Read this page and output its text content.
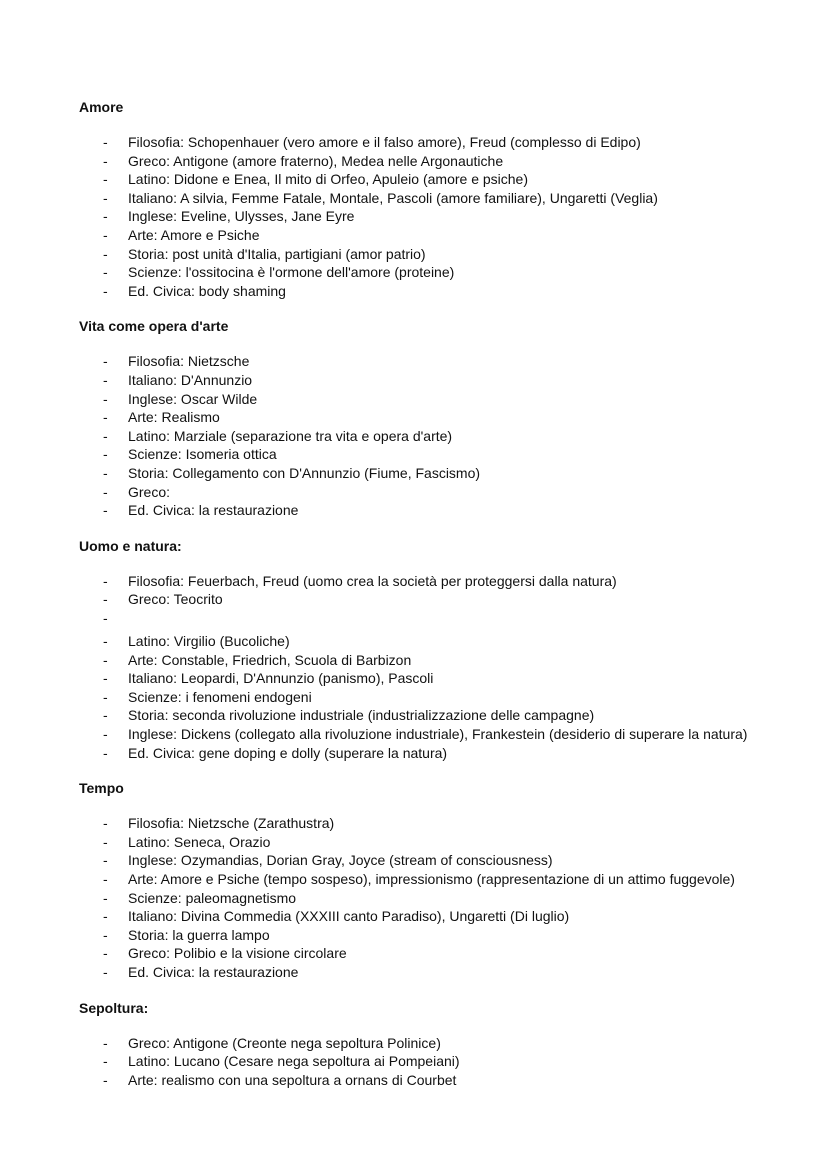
Amore
- Filosofia: Schopenhauer (vero amore e il falso amore), Freud (complesso di Edipo)
- Greco: Antigone (amore fraterno), Medea nelle Argonautiche
- Latino: Didone e Enea, Il mito di Orfeo, Apuleio (amore e psiche)
- Italiano: A silvia, Femme Fatale, Montale, Pascoli (amore familiare), Ungaretti (Veglia)
- Inglese: Eveline, Ulysses, Jane Eyre
- Arte: Amore e Psiche
- Storia: post unità d'Italia, partigiani (amor patrio)
- Scienze: l'ossitocina è l'ormone dell'amore (proteine)
- Ed. Civica: body shaming
Vita come opera d'arte
- Filosofia: Nietzsche
- Italiano: D'Annunzio
- Inglese: Oscar Wilde
- Arte: Realismo
- Latino: Marziale (separazione tra vita e opera d'arte)
- Scienze: Isomeria ottica
- Storia: Collegamento con D'Annunzio (Fiume, Fascismo)
- Greco:
- Ed. Civica: la restaurazione
Uomo e natura:
- Filosofia: Feuerbach, Freud (uomo crea la società per proteggersi dalla natura)
- Greco: Teocrito
-
- Latino: Virgilio (Bucoliche)
- Arte: Constable, Friedrich, Scuola di Barbizon
- Italiano: Leopardi, D'Annunzio (panismo), Pascoli
- Scienze: i fenomeni endogeni
- Storia: seconda rivoluzione industriale (industrializzazione delle campagne)
- Inglese: Dickens (collegato alla rivoluzione industriale), Frankestein (desiderio di superare la natura)
- Ed. Civica: gene doping e dolly (superare la natura)
Tempo
- Filosofia: Nietzsche (Zarathustra)
- Latino: Seneca, Orazio
- Inglese: Ozymandias, Dorian Gray, Joyce (stream of consciousness)
- Arte: Amore e Psiche (tempo sospeso), impressionismo (rappresentazione di un attimo fuggevole)
- Scienze: paleomagnetismo
- Italiano: Divina Commedia (XXXIII canto Paradiso), Ungaretti (Di luglio)
- Storia: la guerra lampo
- Greco: Polibio e la visione circolare
- Ed. Civica: la restaurazione
Sepoltura:
- Greco: Antigone (Creonte nega sepoltura Polinice)
- Latino: Lucano (Cesare nega sepoltura ai Pompeiani)
- Arte: realismo con una sepoltura a ornans di Courbet
